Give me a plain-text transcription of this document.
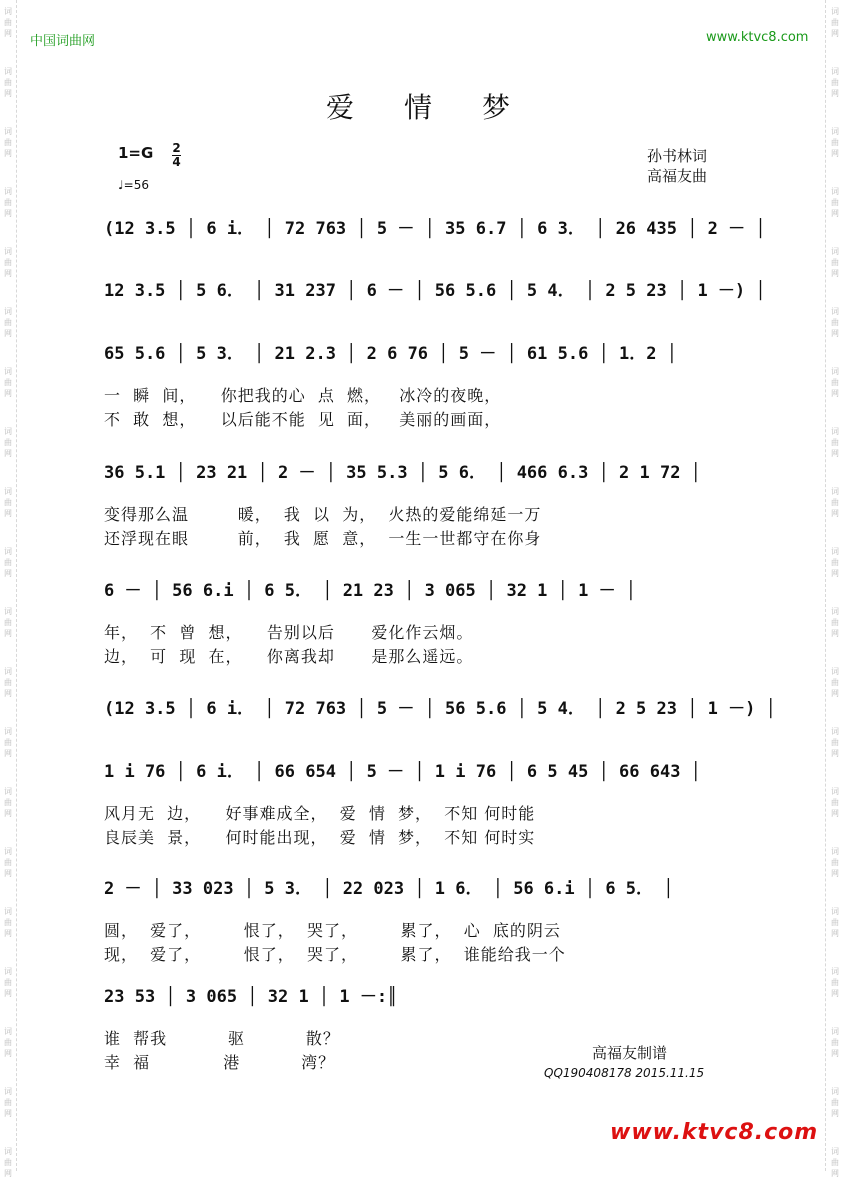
词曲网
词曲网
词曲网
词曲网
词曲网
词曲网
词曲网
词曲网
词曲网
词曲网
词曲网
词曲网
词曲网
词曲网
词曲网
词曲网
词曲网
词曲网
词曲网
词曲网
词曲网
词曲网
词曲网
词曲网
词曲网
词曲网
词曲网
词曲网
词曲网
词曲网
词曲网
词曲网
词曲网
词曲网
词曲网
词曲网
词曲网
词曲网
词曲网
词曲网
中国词曲网	www.ktvc8.com
爱 情 梦
1=G 2
4
♩=56
孙书林词
高福友曲
(12 3.5 │ 6 i． │ 72 763 │ 5 － │ 35 6.7 │ 6 3． │ 26 435 │ 2 － │
12 3.5 │ 5 6． │ 31 237 │ 6 － │ 56 5.6 │ 5 4． │ 2 5 23 │ 1 －) │
65 5.6 │ 5 3． │ 21 2.3 │ 2 6 76 │ 5 － │ 61 5.6 │ 1．2 │
一  瞬  间，    你把我的心  点  燃，   冰冷的夜晚，
不  敢  想，    以后能不能  见  面，   美丽的画面，
36 5.1 │ 23 21 │ 2 － │ 35 5.3 │ 5 6． │ 466 6.3 │ 2 1 72 │
变得那么温        暖，  我  以  为，  火热的爱能绵延一万
还浮现在眼        前，  我  愿  意，  一生一世都守在你身
6 － │ 56 6.i │ 6 5． │ 21 23 │ 3 065 │ 32 1 │ 1 － │
年，  不  曾  想，    告别以后      爱化作云烟。
边，  可  现  在，    你离我却      是那么遥远。
(12 3.5 │ 6 i． │ 72 763 │ 5 － │ 56 5.6 │ 5 4． │ 2 5 23 │ 1 －) │
1 i 76 │ 6 i． │ 66 654 │ 5 － │ 1 i 76 │ 6 5 45 │ 66 643 │
风月无  边，    好事难成全，  爱  情  梦，  不知 何时能
良辰美  景，    何时能出现，  爱  情  梦，  不知 何时实
2 － │ 33 023 │ 5 3． │ 22 023 │ 1 6． │ 56 6.i │ 6 5． │
圆，  爱了，       恨了，  哭了，       累了，  心  底的阴云
现，  爱了，       恨了，  哭了，       累了，  谁能给我一个
23 53 │ 3 065 │ 32 1 │ 1 －:║
谁  帮我          驱          散？
幸  福            港          湾？	高福友制谱
QQ190408178 2015.11.15
www.ktvc8.com
